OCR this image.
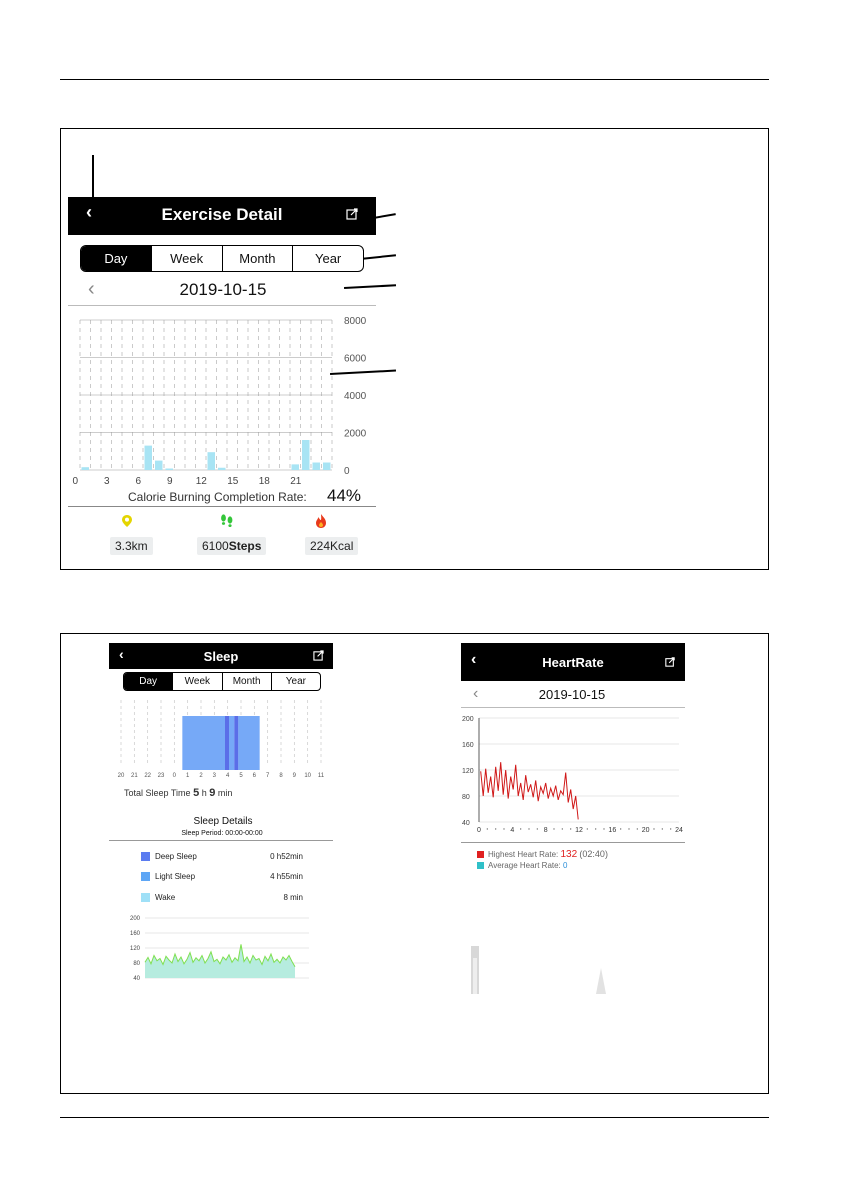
‹	Exercise Detail
Day	Week	Month	Year
‹	2019-10-15
0
2000
4000
6000
8000
0	3	6	9 12 15 18 21
Calorie Burning Completion Rate: 44%
3.3km	6100Steps	224Kcal
‹	Sleep
Day	Week	Month	Year
20 21 22 23 0 1 2 3 4 5 6 7 8 9 10 11
Total Sleep Time 5 h 9 min
Sleep Details
Sleep Period: 00:00-00:00
Deep Sleep	0 h52min
Light Sleep	4 h55min
Wake	8 min
40
80
120
160
200
‹	HeartRate
‹	2019-10-15
40
80
120
160
200
0	4	8	12	16	20	24
Highest Heart Rate: 132 (02:40)
Average Heart Rate: 0
